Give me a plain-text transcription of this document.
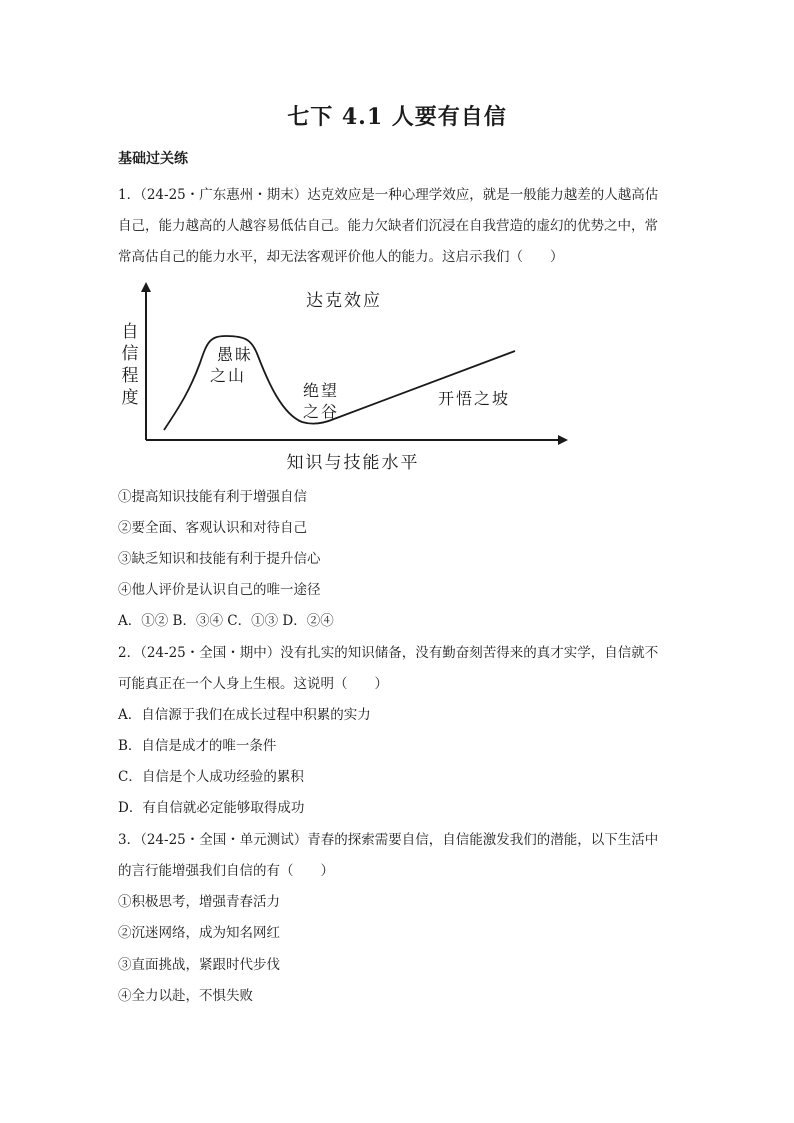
七下 4.1 人要有自信
基础过关练
1．（24-25・广东惠州・期末）达克效应是一种心理学效应，就是一般能力越差的人越高估
自己，能力越高的人越容易低估自己。能力欠缺者们沉浸在自我营造的虚幻的优势之中，常
常高估自己的能力水平，却无法客观评价他人的能力。这启示我们（　　）
达克效应
自
信
程
度
愚昧
之山
绝望
之谷
开悟之坡
知识与技能水平
①提高知识技能有利于增强自信
②要全面、客观认识和对待自己
③缺乏知识和技能有利于提升信心
④他人评价是认识自己的唯一途径
A．①② B．③④ C．①③ D．②④
2．（24-25・全国・期中）没有扎实的知识储备，没有勤奋刻苦得来的真才实学，自信就不
可能真正在一个人身上生根。这说明（　　）
A．自信源于我们在成长过程中积累的实力
B．自信是成才的唯一条件
C．自信是个人成功经验的累积
D．有自信就必定能够取得成功
3．（24-25・全国・单元测试）青春的探索需要自信，自信能激发我们的潜能，以下生活中
的言行能增强我们自信的有（　　）
①积极思考，增强青春活力
②沉迷网络，成为知名网红
③直面挑战，紧跟时代步伐
④全力以赴，不惧失败
